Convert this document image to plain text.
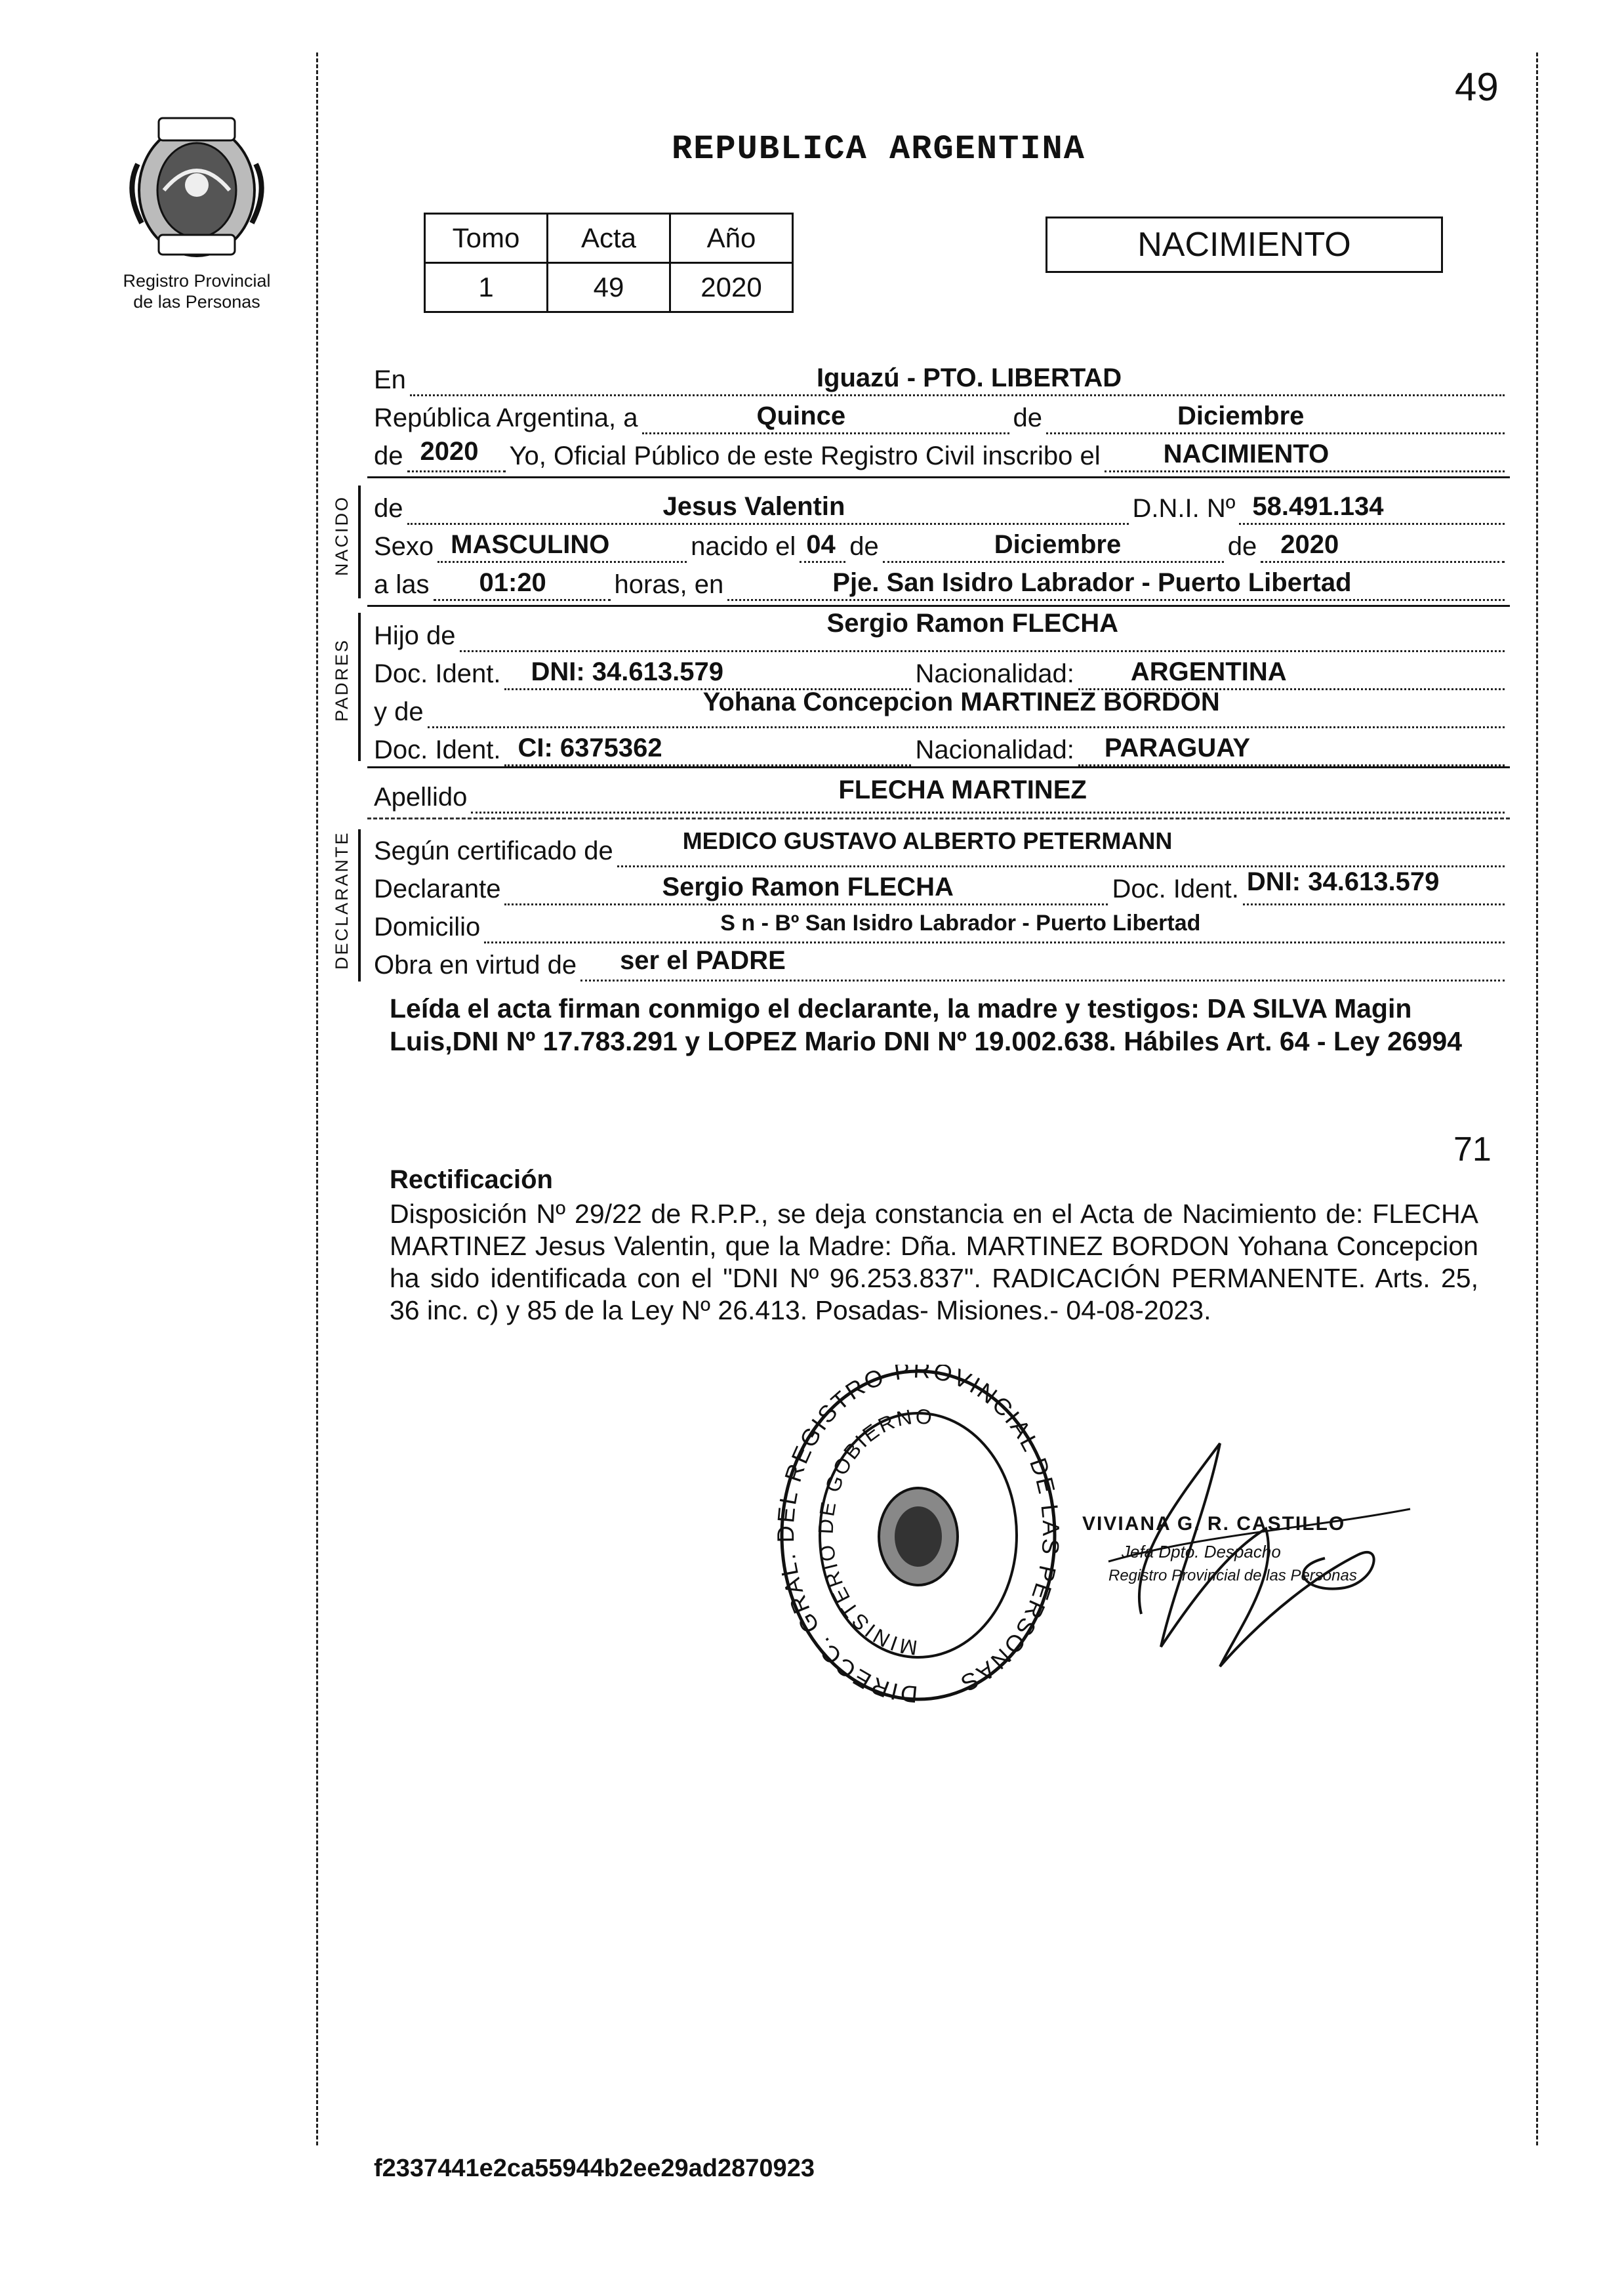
49
Registro Provincial
de las Personas
REPUBLICA ARGENTINA
Tomo	Acta	Año
1	49	2020
NACIMIENTO
En	Iguazú - PTO. LIBERTAD
República Argentina, a	Quince	de	Diciembre
de 2020 Yo, Oficial Público de este Registro Civil inscribo el NACIMIENTO
NACIDO de	Jesus Valentin	D.N.I. Nº 58.491.134
Sexo MASCULINO	nacido el 04 de	Diciembre	de 2020
a las 01:20	horas, en	Pje. San Isidro Labrador - Puerto Libertad
PADRES
Hijo de	Sergio Ramon FLECHA
Doc. Ident. DNI: 34.613.579	Nacionalidad: ARGENTINA
y de	Yohana Concepcion MARTINEZ BORDON
Doc. Ident. CI: 6375362	Nacionalidad: PARAGUAY
Apellido	FLECHA MARTINEZ
DECLARANTE Según certificado de	MEDICO GUSTAVO ALBERTO PETERMANN
Declarante	Sergio Ramon FLECHA	Doc. Ident. DNI: 34.613.579
Domicilio	S n - Bº San Isidro Labrador - Puerto Libertad
Obra en virtud de ser el PADRE
Leída el acta firman conmigo el declarante, la madre y testigos: DA SILVA Magin Luis,DNI Nº 17.783.291 y LOPEZ Mario DNI Nº 19.002.638. Hábiles Art. 64 - Ley 26994
71
Rectificación
Disposición Nº 29/22 de R.P.P., se deja constancia en el Acta de Nacimiento de: FLECHA MARTINEZ Jesus Valentin, que la Madre: Dña. MARTINEZ BORDON Yohana Concepcion ha sido identificada con el "DNI Nº 96.253.837". RADICACIÓN PERMANENTE. Arts. 25, 36 inc. c) y 85 de la Ley Nº 26.413. Posadas- Misiones.- 04-08-2023.
DIRECC. GRAL. DEL REGISTRO PROVINCIAL DE LAS PERSONAS
MINISTERIO DE GOBIERNO
VIVIANA G. R. CASTILLO
Jefa Dpto. Despacho
Registro Provincial de las Personas
f2337441e2ca55944b2ee29ad2870923
